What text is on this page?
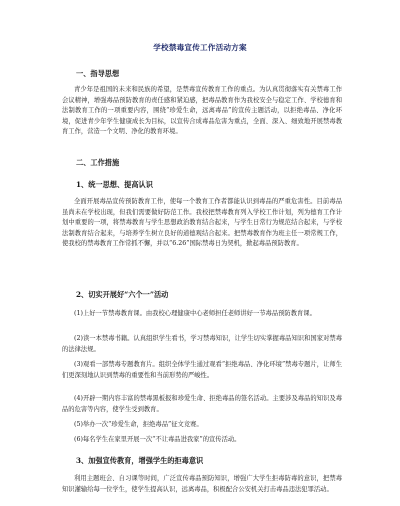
学校禁毒宣传工作活动方案
一、指导思想

青少年是祖国的未来和民族的希望，是禁毒宣传教育工作的重点。为认真贯彻落实有关禁毒工作会议精神，增强毒品预防教育的责任感和紧迫感，把毒品教育作为我校安全与稳定工作、学校德育和法制教育工作的一项重要内容，围绕“珍爱生命，远离毒品”的宣传主题活动，以拒绝毒品、净化环境，促进青少年学生健康成长为目标，以宣传合成毒品危害为重点，全面、深入、细致地开展禁毒教育工作，营造一个文明、净化的教育环境。

二、工作措施
1、统一思想、提高认识

全面开展毒品宣传预防教育工作，使每一个教育工作者都能认识到毒品的严重危害性。目前毒品虽尚未在学校出现，但我们需要做好防范工作。我校把禁毒教育列入学校工作计划，列为德育工作计划中重要的一项，将禁毒教育与学生思想政治教育结合起来，与学生日常行为规范结合起来，与学校法制教育结合起来，与培养学生树立良好的道德观结合起来。把禁毒教育作为班主任一项常规工作，使我校的禁毒教育工作常抓不懈，并以“6.26”国际禁毒日为契机，掀起毒品预防教育。

2、切实开展好“六个一”活动

(1)上好一节禁毒教育课。由我校心理健康中心老师担任老师讲好一节毒品预防教育课。

(2)读一本禁毒书籍。认真组织学生看书，学习禁毒知识，让学生切实掌握毒品知识和国家对禁毒的法律法规。

(3)观看一部禁毒专题教育片。组织全体学生通过观看“拒绝毒品、净化环境”禁毒专题片，让师生们更深刻地认识到禁毒的重要性和当前形势的严峻性。

(4)开辟一期内容丰富的禁毒黑板报和珍爱生命、拒绝毒品的签名活动。主要涉及毒品的知识及毒品的危害等内容，使学生受到教育。

(5)举办一次“珍爱生命，拒绝毒品”征文竞赛。

(6)每名学生在家里开展一次“不让毒品进我家”的宣传活动。

3、加强宣传教育，增强学生的拒毒意识

利用主题班会、自习课等时间，广泛宣传毒品预防知识，增强广大学生拒毒防毒的意识，把禁毒知识灌输给每一位学生，使学生提高认识，远离毒品，积极配合公安机关打击毒品违法犯罪活动。
